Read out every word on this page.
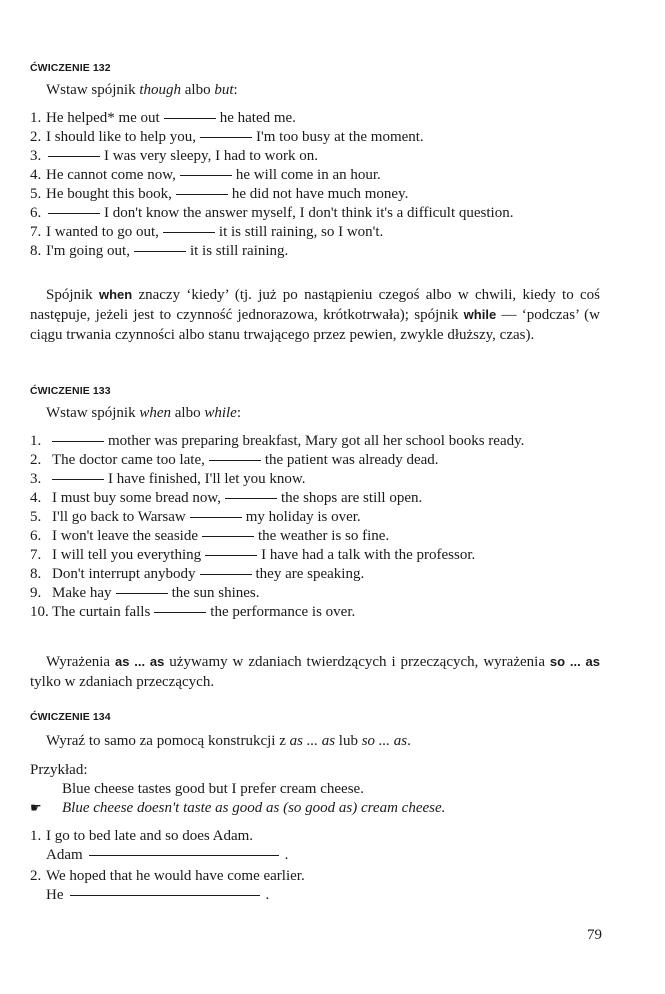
ĆWICZENIE 132
Wstaw spójnik though albo but:
1. He helped* me out	he hated me.
2. I should like to help you,	I'm too busy at the moment.
3.	I was very sleepy, I had to work on.
4. He cannot come now,	he will come in an hour.
5. He bought this book,	he did not have much money.
6.	I don't know the answer myself, I don't think it's a difficult question.
7. I wanted to go out,	it is still raining, so I won't.
8. I'm going out,	it is still raining.
Spójnik when znaczy ‘kiedy’ (tj. już po nastąpieniu czegoś albo w chwili, kiedy to coś następuje, jeżeli jest to czynność jednorazowa, krótkotrwała); spójnik while — ‘podczas’ (w ciągu trwania czynności albo stanu trwającego przez pewien, zwykle dłuższy, czas).
ĆWICZENIE 133
Wstaw spójnik when albo while:
1.	mother was preparing breakfast, Mary got all her school books ready.
2. The doctor came too late,	the patient was already dead.
3.	I have finished, I'll let you know.
4. I must buy some bread now,	the shops are still open.
5. I'll go back to Warsaw	my holiday is over.
6. I won't leave the seaside	the weather is so fine.
7. I will tell you everything	I have had a talk with the professor.
8. Don't interrupt anybody	they are speaking.
9. Make hay	the sun shines.
10. The curtain falls	the performance is over.
Wyrażenia as ... as używamy w zdaniach twierdzących i przeczących, wyrażenia so ... as tylko w zdaniach przeczących.
ĆWICZENIE 134
Wyraź to samo za pomocą konstrukcji z as ... as lub so ... as.
Przykład:
Blue cheese tastes good but I prefer cream cheese.
☛ Blue cheese doesn't taste as good as (so good as) cream cheese.
1. I go to bed late and so does Adam.
Adam	.
2. We hoped that he would have come earlier.
He	.
79
